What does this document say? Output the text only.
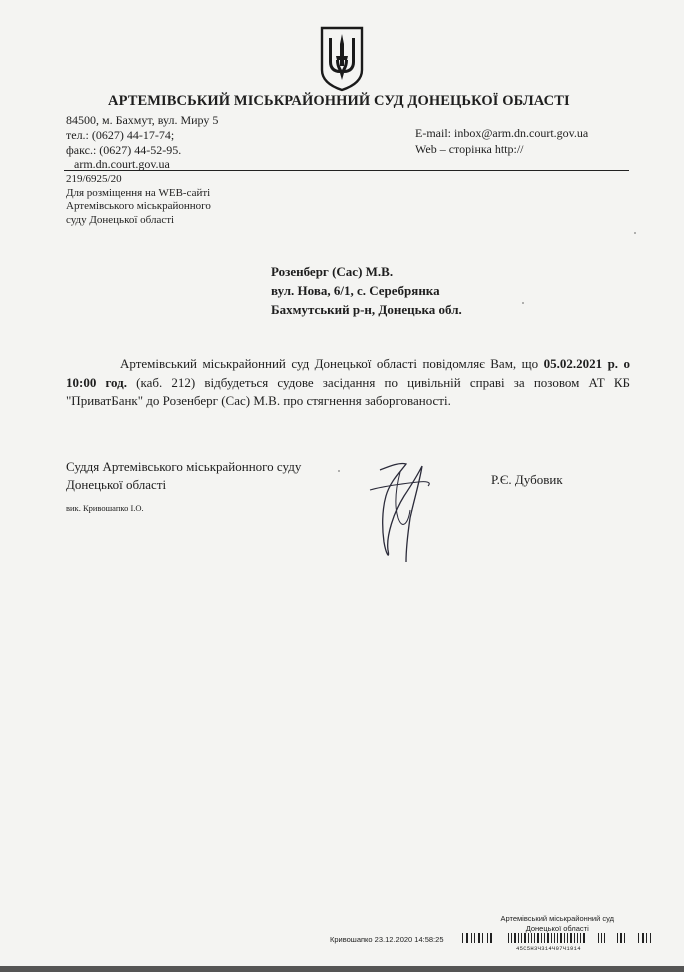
АРТЕМІВСЬКИЙ МІСЬКРАЙОННИЙ СУД ДОНЕЦЬКОЇ ОБЛАСТІ
84500, м. Бахмут, вул. Миру 5
тел.: (0627) 44-17-74;
факс.: (0627) 44-52-95.
arm.dn.court.gov.ua
E-mail: inbox@arm.dn.court.gov.ua
Web – сторінка http://
219/6925/20
Для розміщення на WEB-сайті
Артемівського міськрайонного
суду Донецької області
Розенберг (Сас) М.В.
вул. Нова, 6/1, с. Серебрянка
Бахмутський р-н, Донецька обл.
Артемівський міськрайонний суд Донецької області повідомляє Вам, що 05.02.2021 р. о 10:00 год. (каб. 212) відбудеться судове засідання по цивільній справі за позовом АТ КБ "ПриватБанк" до Розенберг (Сас) М.В. про стягнення заборгованості.
Суддя Артемівського міськрайонного суду
Донецької області	Р.Є. Дубовик
вик. Кривошапко І.О.
Артемівський міськрайонний суд
Донецької області
Кривошапко 23.12.2020 14:58:25
45С5Н3Ч314Ч07Ч1914
